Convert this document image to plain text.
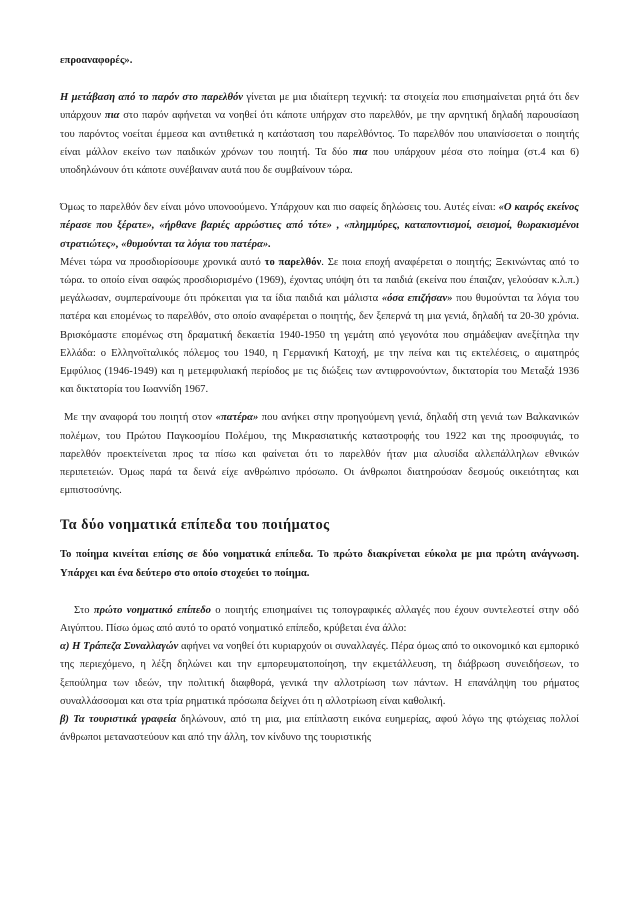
επροαναφορές».

Η μετάβαση από το παρόν στο παρελθόν γίνεται με μια ιδιαίτερη τεχνική: τα στοιχεία που επισημαίνεται ρητά ότι δεν υπάρχουν πια στο παρόν αφήνεται να νοηθεί ότι κάποτε υπήρχαν στο παρελθόν, με την αρνητική δηλαδή παρουσίαση του παρόντος νοείται έμμεσα και αντιθετικά η κατάσταση του παρελθόντος. Το παρελθόν που υπαινίσσεται ο ποιητής είναι μάλλον εκείνο των παιδικών χρόνων του ποιητή. Τα δύο πια που υπάρχουν μέσα στο ποίημα (στ.4 και 6) υποδηλώνουν ότι κάποτε συνέβαιναν αυτά που δε συμβαίνουν τώρα.

Όμως το παρελθόν δεν είναι μόνο υπονοούμενο. Υπάρχουν και πιο σαφείς δηλώσεις του. Αυτές είναι: «Ο καιρός εκείνος πέρασε που ξέρατε», «ήρθανε βαριές αρρώστιες από τότε» , «πλημμύρες, καταποντισμοί, σεισμοί, θωρακισμένοι στρατιώτες», «θυμούνται τα λόγια του πατέρα».
Μένει τώρα να προσδιορίσουμε χρονικά αυτό το παρελθόν. Σε ποια εποχή αναφέρεται ο ποιητής; Ξεκινώντας από το τώρα. το οποίο είναι σαφώς προσδιορισμένο (1969), έχοντας υπόψη ότι τα παιδιά (εκείνα που έπαιζαν, γελούσαν κ.λ.π.) μεγάλωσαν, συμπεραίνουμε ότι πρόκειται για τα ίδια παιδιά και μάλιστα «όσα επιζήσαν» που θυμούνται τα λόγια του πατέρα και επομένως το παρελθόν, στο οποίο αναφέρεται ο ποιητής, δεν ξεπερνά τη μια γενιά, δηλαδή τα 20-30 χρόνια. Βρισκόμαστε επομένως στη δραματική δεκαετία 1940-1950 τη γεμάτη από γεγονότα που σημάδεψαν ανεξίτηλα την Ελλάδα: ο Ελληνοϊταλικός πόλεμος του 1940, η Γερμανική Κατοχή, με την πείνα και τις εκτελέσεις, ο αιματηρός Εμφύλιος (1946-1949) και η μετεμφυλιακή περίοδος με τις διώξεις των αντιφρονούντων, δικτατορία του Μεταξά 1936 και δικτατορία του Ιωαννίδη 1967.

Με την αναφορά του ποιητή στον «πατέρα» που ανήκει στην προηγούμενη γενιά, δηλαδή στη γενιά των Βαλκανικών πολέμων, του Πρώτου Παγκοσμίου Πολέμου, της Μικρασιατικής καταστροφής του 1922 και της προσφυγιάς, το παρελθόν προεκτείνεται προς τα πίσω και φαίνεται ότι το παρελθόν ήταν μια αλυσίδα αλλεπάλληλων εθνικών περιπετειών. Όμως παρά τα δεινά είχε ανθρώπινο πρόσωπο. Οι άνθρωποι διατηρούσαν δεσμούς οικειότητας και εμπιστοσύνης.

Τα δύο νοηματικά επίπεδα του ποιήματος

Το ποίημα κινείται επίσης σε δύο νοηματικά επίπεδα. Το πρώτο διακρίνεται εύκολα με μια πρώτη ανάγνωση. Υπάρχει και ένα δεύτερο στο οποίο στοχεύει το ποίημα.

Στο πρώτο νοηματικό επίπεδο ο ποιητής επισημαίνει τις τοπογραφικές αλλαγές που έχουν συντελεστεί στην οδό Αιγύπτου. Πίσω όμως από αυτό το ορατό νοηματικό επίπεδο, κρύβεται ένα άλλο:

α) Η Τράπεζα Συναλλαγών αφήνει να νοηθεί ότι κυριαρχούν οι συναλλαγές. Πέρα όμως από το οικονομικό και εμπορικό της περιεχόμενο, η λέξη δηλώνει και την εμπορευματοποίηση, την εκμετάλλευση, τη διάβρωση συνειδήσεων, το ξεπούλημα των ιδεών, την πολιτική διαφθορά, γενικά την αλλοτρίωση των πάντων. Η επανάληψη του ρήματος συναλλάσσομαι και στα τρία ρηματικά πρόσωπα δείχνει ότι η αλλοτρίωση είναι καθολική.

β) Τα τουριστικά γραφεία δηλώνουν, από τη μια, μια επίπλαστη εικόνα ευημερίας, αφού λόγω της φτώχειας πολλοί άνθρωποι μεταναστεύουν και από την άλλη, τον κίνδυνο της τουριστικής
